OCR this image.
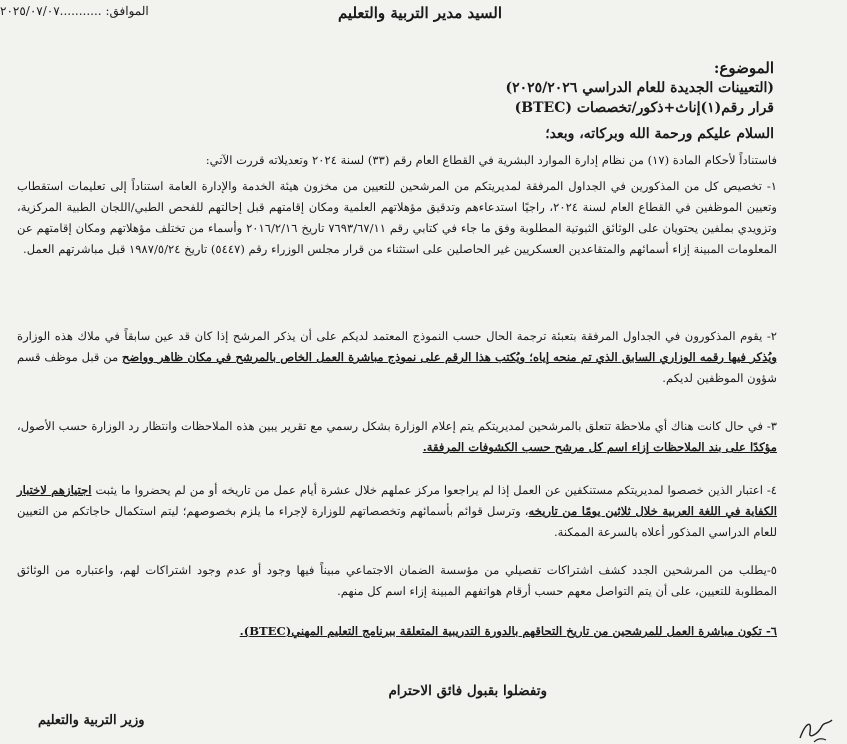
السيد مدير التربية والتعليم
الموافق: ...........٢٠٢٥/٠٧/٠٧
الموضوع:
(التعيينات الجديدة للعام الدراسي ٢٠٢٥/٢٠٢٦)
قرار رقم(١)إناث+ذكور/تخصصات (BTEC)
السلام عليكم ورحمة الله وبركاته، وبعد؛
فاستناداً لأحكام المادة (١٧) من نظام إدارة الموارد البشرية في القطاع العام رقم (٣٣) لسنة ٢٠٢٤ وتعديلاته قررت الآتي:
١- تخصيص كل من المذكورين في الجداول المرفقة لمديريتكم من المرشحين للتعيين من مخزون هيئة الخدمة والإدارة العامة استناداً إلى تعليمات استقطاب وتعيين الموظفين في القطاع العام لسنة ٢٠٢٤، راجيًا استدعاءهم وتدقيق مؤهلاتهم العلمية ومكان إقامتهم قبل إحالتهم للفحص الطبي/اللجان الطبية المركزية، وتزويدي بملفين يحتويان على الوثائق الثبوتية المطلوبة وفق ما جاء في كتابي رقم ٧٦٩٣/٦٧/١١ تاريخ ٢٠١٦/٢/١٦ وأسماء من تختلف مؤهلاتهم ومكان إقامتهم عن المعلومات المبينة إزاء أسمائهم والمتقاعدين العسكريين غير الحاصلين على استثناء من قرار مجلس الوزراء رقم (٥٤٤٧) تاريخ ١٩٨٧/٥/٢٤ قبل مباشرتهم العمل.
٢- يقوم المذكورون في الجداول المرفقة بتعبئة ترجمة الحال حسب النموذج المعتمد لديكم على أن يذكر المرشح إذا كان قد عين سابقاً في ملاك هذه الوزارة ويُذكر فيها رقمه الوزاري السابق الذي تم منحه إياه؛ ويُكتب هذا الرقم على نموذج مباشرة العمل الخاص بالمرشح في مكان ظاهر وواضح من قبل موظف قسم شؤون الموظفين لديكم.
٣- في حال كانت هناك أي ملاحظة تتعلق بالمرشحين لمديريتكم يتم إعلام الوزارة بشكل رسمي مع تقرير يبين هذه الملاحظات وانتظار رد الوزارة حسب الأصول، مؤكدًا على بند الملاحظات إزاء اسم كل مرشح حسب الكشوفات المرفقة.
٤- اعتبار الذين خصصوا لمديريتكم مستنكفين عن العمل إذا لم يراجعوا مركز عملهم خلال عشرة أيام عمل من تاريخه أو من لم يحضروا ما يثبت اجتيازهم لاختبار الكفاية في اللغة العربية خلال ثلاثين يومًا من تاريخه، وترسل قوائم بأسمائهم وتخصصاتهم للوزارة لإجراء ما يلزم بخصوصهم؛ ليتم استكمال حاجاتكم من التعيين للعام الدراسي المذكور أعلاه بالسرعة الممكنة.
٥-يطلب من المرشحين الجدد كشف اشتراكات تفصيلي من مؤسسة الضمان الاجتماعي مبيناً فيها وجود أو عدم وجود اشتراكات لهم، واعتباره من الوثائق المطلوبة للتعيين، على أن يتم التواصل معهم حسب أرقام هواتفهم المبينة إزاء اسم كل منهم.
٦- تكون مباشرة العمل للمرشحين من تاريخ التحاقهم بالدورة التدريبية المتعلقة ببرنامج التعليم المهني(BTEC).
وتفضلوا بقبول فائق الاحترام
وزير التربية والتعليم
